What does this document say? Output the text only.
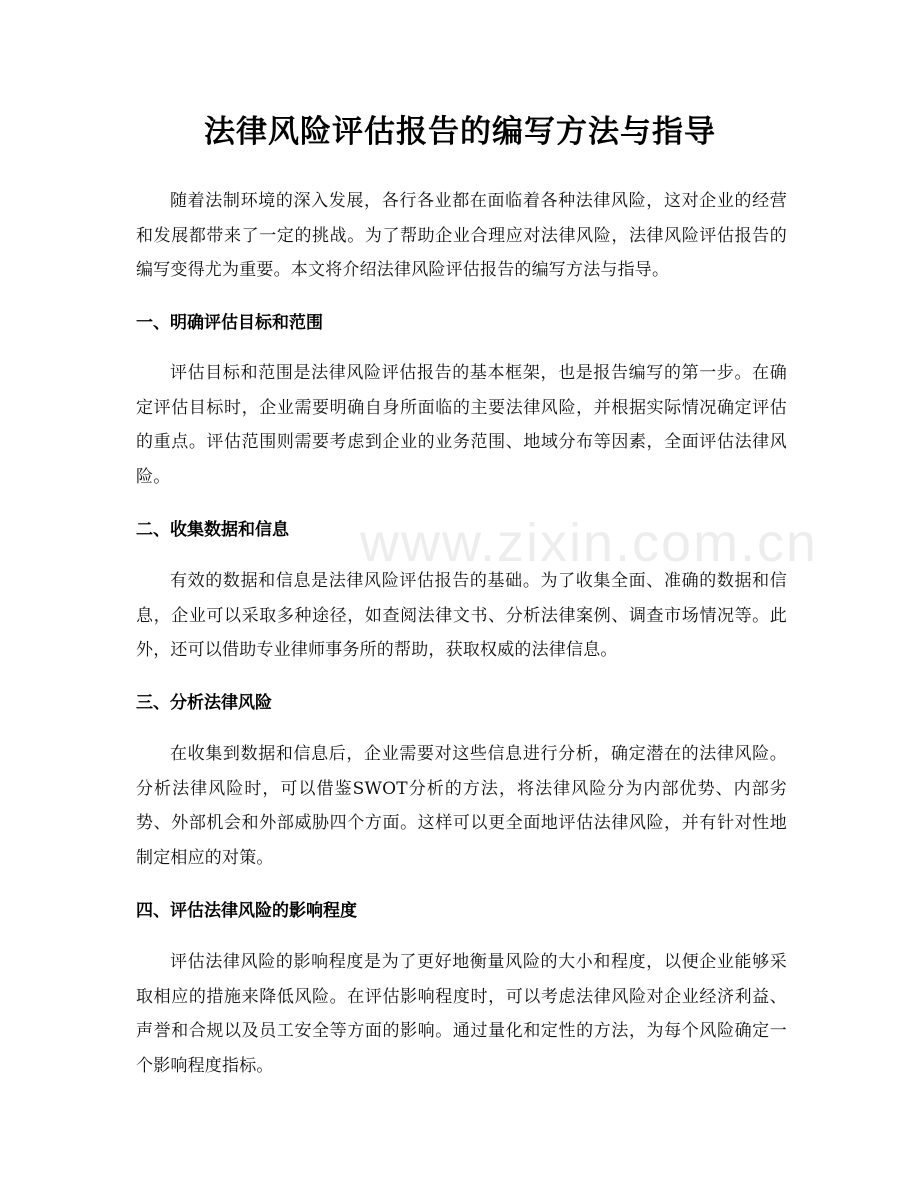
www.zixin.com.cn
法律风险评估报告的编写方法与指导

随着法制环境的深入发展，各行各业都在面临着各种法律风险，这对企业的经营和发展都带来了一定的挑战。为了帮助企业合理应对法律风险，法律风险评估报告的编写变得尤为重要。本文将介绍法律风险评估报告的编写方法与指导。

一、明确评估目标和范围

评估目标和范围是法律风险评估报告的基本框架，也是报告编写的第一步。在确定评估目标时，企业需要明确自身所面临的主要法律风险，并根据实际情况确定评估的重点。评估范围则需要考虑到企业的业务范围、地域分布等因素，全面评估法律风险。

二、收集数据和信息

有效的数据和信息是法律风险评估报告的基础。为了收集全面、准确的数据和信息，企业可以采取多种途径，如查阅法律文书、分析法律案例、调查市场情况等。此外，还可以借助专业律师事务所的帮助，获取权威的法律信息。

三、分析法律风险

在收集到数据和信息后，企业需要对这些信息进行分析，确定潜在的法律风险。分析法律风险时，可以借鉴SWOT分析的方法，将法律风险分为内部优势、内部劣势、外部机会和外部威胁四个方面。这样可以更全面地评估法律风险，并有针对性地制定相应的对策。

四、评估法律风险的影响程度

评估法律风险的影响程度是为了更好地衡量风险的大小和程度，以便企业能够采取相应的措施来降低风险。在评估影响程度时，可以考虑法律风险对企业经济利益、声誉和合规以及员工安全等方面的影响。通过量化和定性的方法，为每个风险确定一个影响程度指标。
